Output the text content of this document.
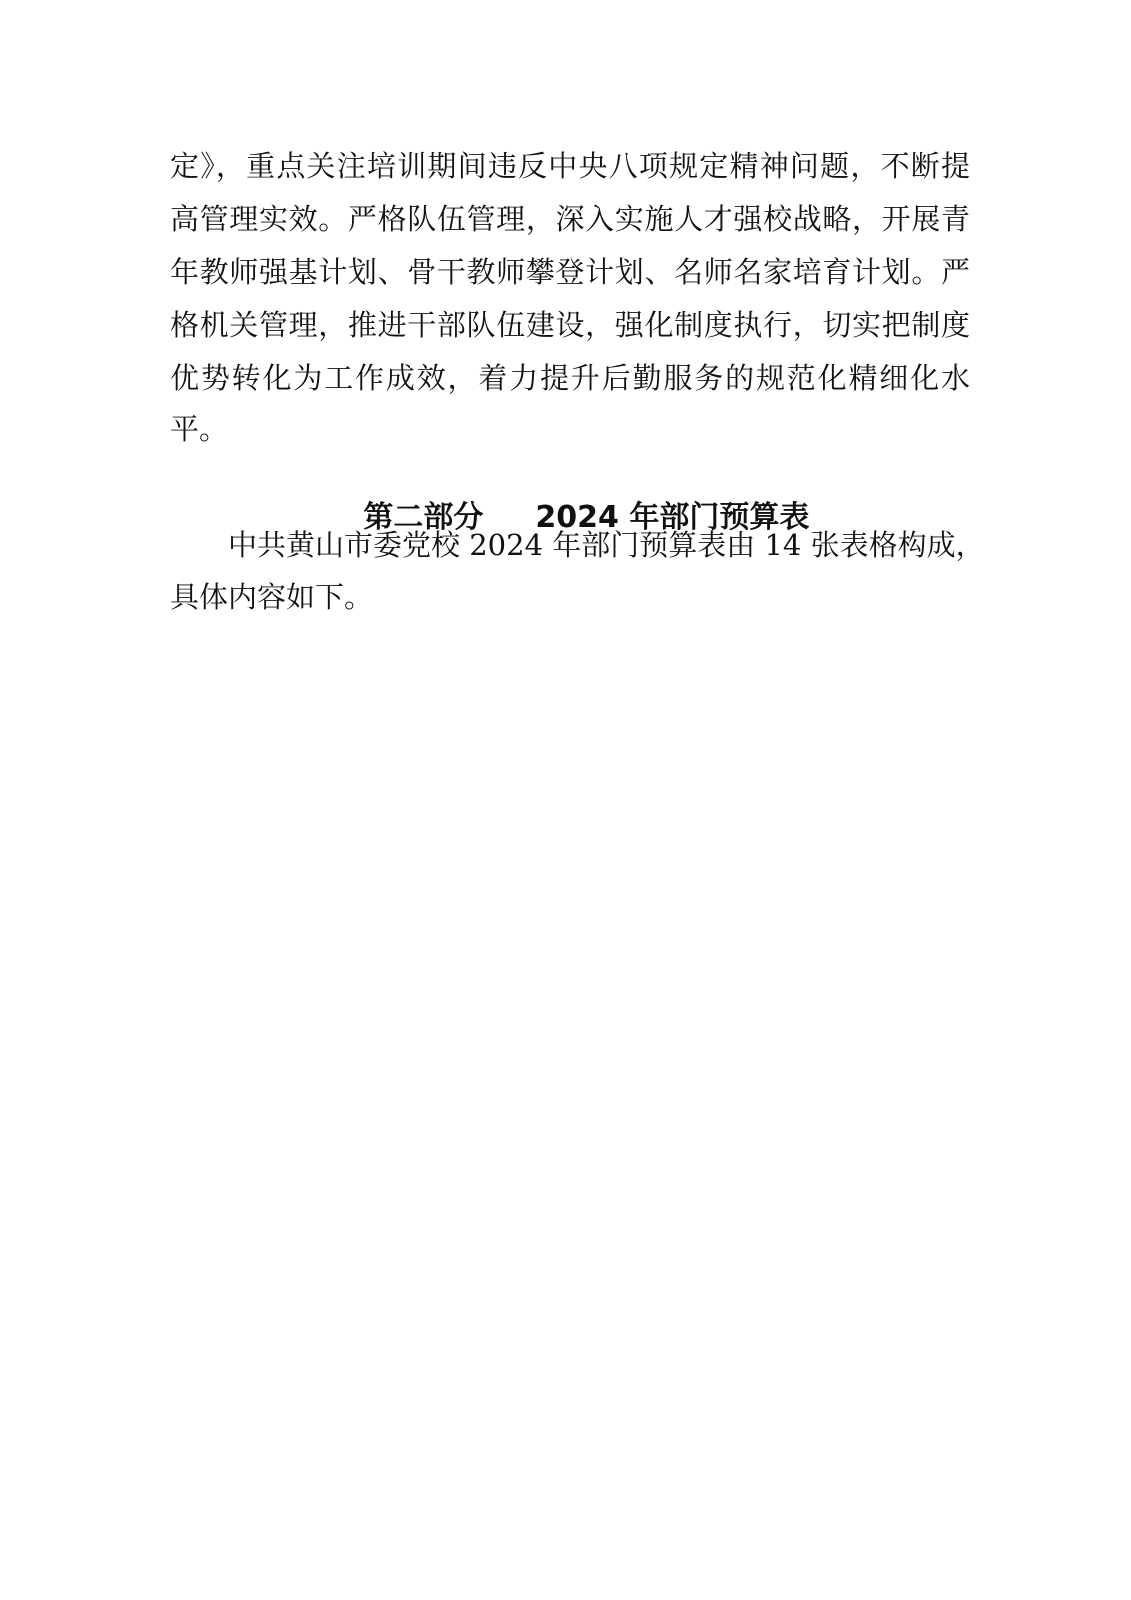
定》，重点关注培训期间违反中央八项规定精神问题，不断提
高管理实效。严格队伍管理，深入实施人才强校战略，开展青
年教师强基计划、骨干教师攀登计划、名师名家培育计划。严
格机关管理，推进干部队伍建设，强化制度执行，切实把制度
优势转化为工作成效，着力提升后勤服务的规范化精细化水
平。

第二部分 2024 年部门预算表

中共黄山市委党校 2024 年部门预算表由 14 张表格构成，
具体内容如下。
